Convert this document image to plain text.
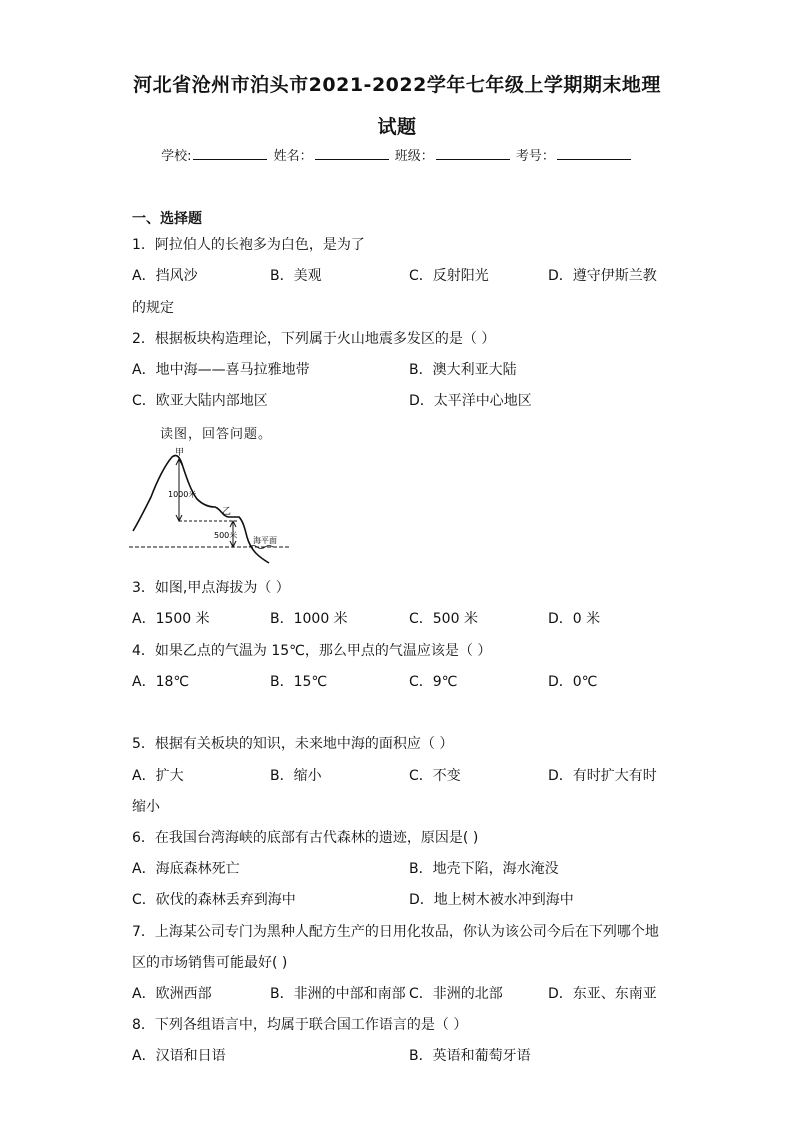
河北省沧州市泊头市2021-2022学年七年级上学期期末地理
试题
学校:	姓名：	班级：	考号：
一、选择题
1．阿拉伯人的长袍多为白色，是为了
A．挡风沙	B．美观	C．反射阳光	D．遵守伊斯兰教
的规定
2．根据板块构造理论，下列属于火山地震多发区的是（ ）
A．地中海——喜马拉雅地带	B．澳大利亚大陆
C．欧亚大陆内部地区	D．太平洋中心地区
读图，回答问题。
甲
乙
1000米
500米
海平面
3．如图,甲点海拔为（ ）
A．1500 米	B．1000 米	C．500 米	D．0 米
4．如果乙点的气温为 15℃，那么甲点的气温应该是（ ）
A．18℃	B．15℃	C．9℃	D．0℃
5．根据有关板块的知识，未来地中海的面积应（ ）
A．扩大	B．缩小	C．不变	D．有时扩大有时
缩小
6．在我国台湾海峡的底部有古代森林的遗迹，原因是( )
A．海底森林死亡	B．地壳下陷，海水淹没
C．砍伐的森林丢弃到海中	D．地上树木被水冲到海中
7．上海某公司专门为黑种人配方生产的日用化妆品，你认为该公司今后在下列哪个地
区的市场销售可能最好( )
A．欧洲西部	B．非洲的中部和南部 C．非洲的北部	D．东亚、东南亚
8．下列各组语言中，均属于联合国工作语言的是（ ）
A．汉语和日语	B．英语和葡萄牙语
